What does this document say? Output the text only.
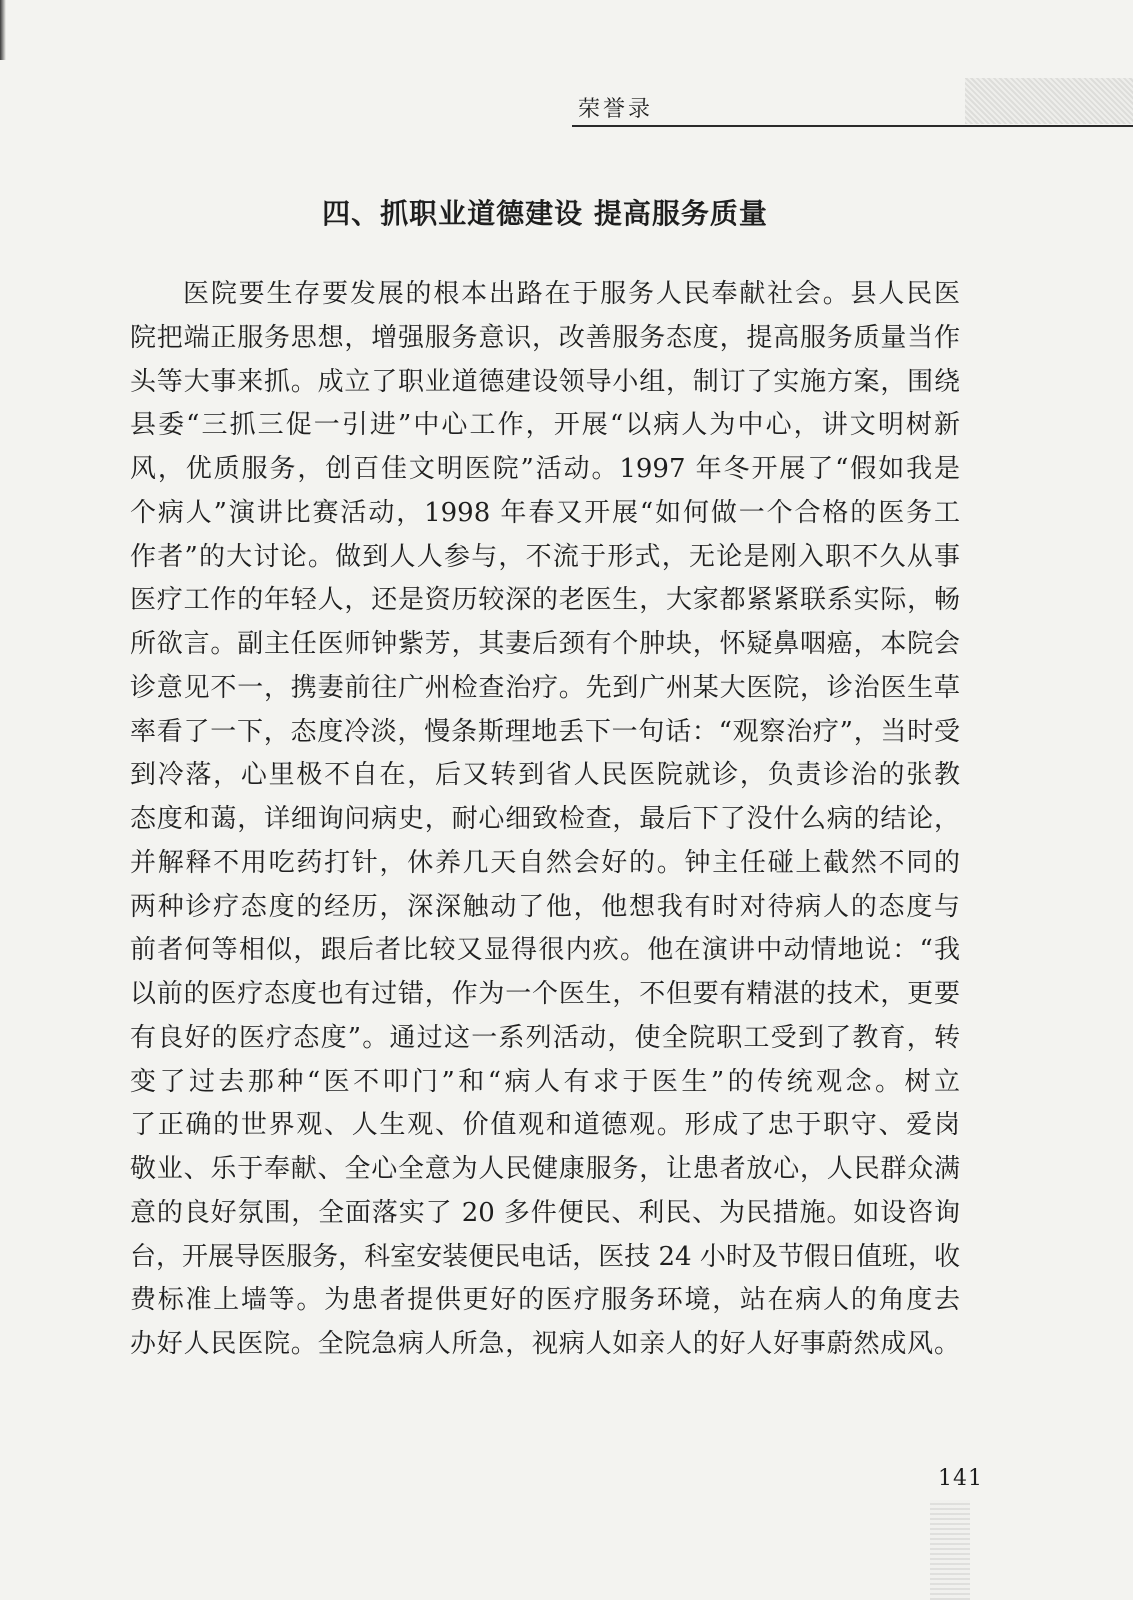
荣誉录
四、抓职业道德建设 提高服务质量
医院要生存要发展的根本出路在于服务人民奉献社会。县人民医
院把端正服务思想，增强服务意识，改善服务态度，提高服务质量当作
头等大事来抓。成立了职业道德建设领导小组，制订了实施方案，围绕
县委“三抓三促一引进”中心工作，开展“以病人为中心，讲文明树新
风，优质服务，创百佳文明医院”活动。1997 年冬开展了“假如我是
个病人”演讲比赛活动，1998 年春又开展“如何做一个合格的医务工
作者”的大讨论。做到人人参与，不流于形式，无论是刚入职不久从事
医疗工作的年轻人，还是资历较深的老医生，大家都紧紧联系实际，畅
所欲言。副主任医师钟紫芳，其妻后颈有个肿块，怀疑鼻咽癌，本院会
诊意见不一，携妻前往广州检查治疗。先到广州某大医院，诊治医生草
率看了一下，态度冷淡，慢条斯理地丢下一句话：“观察治疗”，当时受
到冷落，心里极不自在，后又转到省人民医院就诊，负责诊治的张教
态度和蔼，详细询问病史，耐心细致检查，最后下了没什么病的结论，
并解释不用吃药打针，休养几天自然会好的。钟主任碰上截然不同的
两种诊疗态度的经历，深深触动了他，他想我有时对待病人的态度与
前者何等相似，跟后者比较又显得很内疚。他在演讲中动情地说：“我
以前的医疗态度也有过错，作为一个医生，不但要有精湛的技术，更要
有良好的医疗态度”。通过这一系列活动，使全院职工受到了教育，转
变了过去那种“医不叩门”和“病人有求于医生”的传统观念。树立
了正确的世界观、人生观、价值观和道德观。形成了忠于职守、爱岗
敬业、乐于奉献、全心全意为人民健康服务，让患者放心，人民群众满
意的良好氛围，全面落实了 20 多件便民、利民、为民措施。如设咨询
台，开展导医服务，科室安装便民电话，医技 24 小时及节假日值班，收
费标准上墙等。为患者提供更好的医疗服务环境，站在病人的角度去
办好人民医院。全院急病人所急，视病人如亲人的好人好事蔚然成风。
141
